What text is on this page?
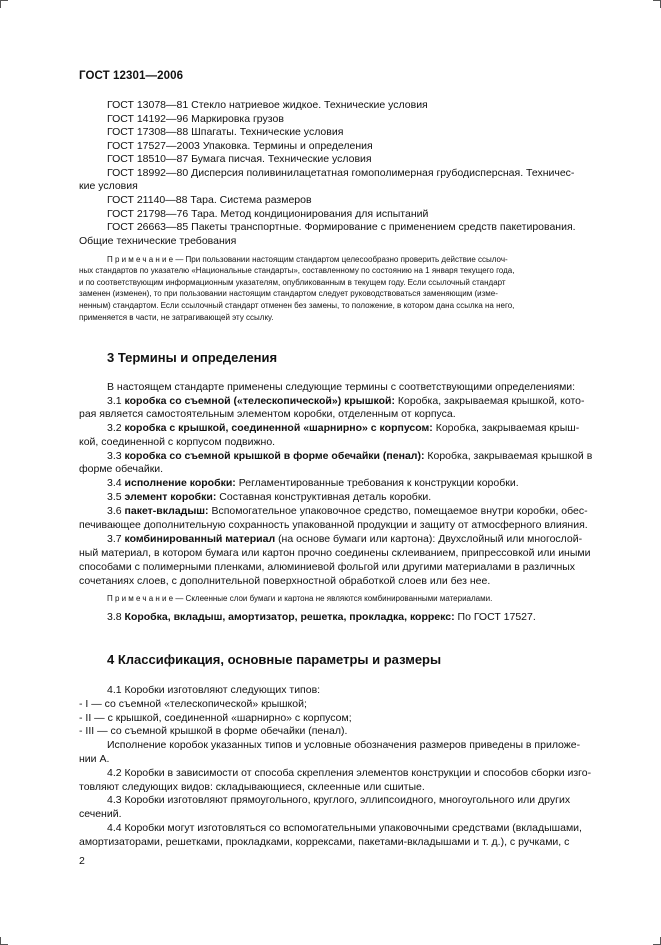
ГОСТ 12301—2006
ГОСТ 13078—81 Стекло натриевое жидкое. Технические условия
ГОСТ 14192—96 Маркировка грузов
ГОСТ 17308—88 Шпагаты. Технические условия
ГОСТ 17527—2003 Упаковка. Термины и определения
ГОСТ 18510—87 Бумага писчая. Технические условия
ГОСТ 18992—80 Дисперсия поливинилацетатная гомополимерная грубодисперсная. Техничес-
кие условия
ГОСТ 21140—88 Тара. Система размеров
ГОСТ 21798—76 Тара. Метод кондиционирования для испытаний
ГОСТ 26663—85 Пакеты транспортные. Формирование с применением средств пакетирования.
Общие технические требования
Примечание— При пользовании настоящим стандартом целесообразно проверить действие ссылоч-
ных стандартов по указателю «Национальные стандарты», составленному по состоянию на 1 января текущего года,
и по соответствующим информационным указателям, опубликованным в текущем году. Если ссылочный стандарт
заменен (изменен), то при пользовании настоящим стандартом следует руководствоваться заменяющим (изме-
ненным) стандартом. Если ссылочный стандарт отменен без замены, то положение, в котором дана ссылка на него,
применяется в части, не затрагивающей эту ссылку.
3 Термины и определения
В настоящем стандарте применены следующие термины с соответствующими определениями:
3.1 коробка со съемной («телескопической») крышкой: Коробка, закрываемая крышкой, кото-
рая является самостоятельным элементом коробки, отделенным от корпуса.
3.2 коробка с крышкой, соединенной «шарнирно» с корпусом: Коробка, закрываемая крыш-
кой, соединенной с корпусом подвижно.
3.3 коробка со съемной крышкой в форме обечайки (пенал): Коробка, закрываемая крышкой в
форме обечайки.
3.4 исполнение коробки: Регламентированные требования к конструкции коробки.
3.5 элемент коробки: Составная конструктивная деталь коробки.
3.6 пакет-вкладыш: Вспомогательное упаковочное средство, помещаемое внутри коробки, обес-
печивающее дополнительную сохранность упакованной продукции и защиту от атмосферного влияния.
3.7 комбинированный материал (на основе бумаги или картона): Двухслойный или многослой-
ный материал, в котором бумага или картон прочно соединены склеиванием, припрессовкой или иными
способами с полимерными пленками, алюминиевой фольгой или другими материалами в различных
сочетаниях слоев, с дополнительной поверхностной обработкой слоев или без нее.
Примечание— Склеенные слои бумаги и картона не являются комбинированными материалами.
3.8 Коробка, вкладыш, амортизатор, решетка, прокладка, коррекс: По ГОСТ 17527.
4 Классификация, основные параметры и размеры
4.1 Коробки изготовляют следующих типов:
- I — со съемной «телескопической» крышкой;
- II — с крышкой, соединенной «шарнирно» с корпусом;
- III — со съемной крышкой в форме обечайки (пенал).
Исполнение коробок указанных типов и условные обозначения размеров приведены в приложе-
нии А.
4.2 Коробки в зависимости от способа скрепления элементов конструкции и способов сборки изго-
товляют следующих видов: складывающиеся, склеенные или сшитые.
4.3 Коробки изготовляют прямоугольного, круглого, эллипсоидного, многоугольного или других
сечений.
4.4 Коробки могут изготовляться со вспомогательными упаковочными средствами (вкладышами,
амортизаторами, решетками, прокладками, коррексами, пакетами-вкладышами и т. д.), с ручками, с
2
